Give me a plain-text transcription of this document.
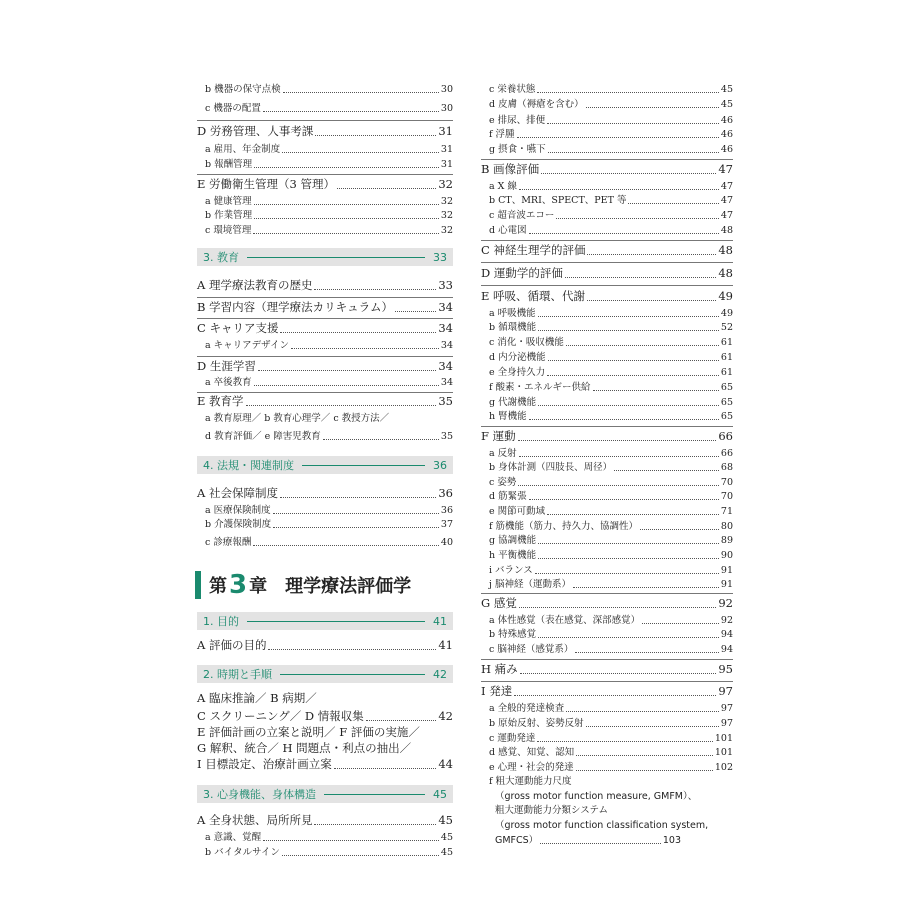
b 機器の保守点検	30
c 機器の配置	30
D 労務管理、人事考課	31
a 雇用、年金制度	31
b 報酬管理	31
E 労働衛生管理（3 管理）	32
a 健康管理	32
b 作業管理	32
c 環境管理	32
3. 教育	33
A 理学療法教育の歴史	33
B 学習内容（理学療法カリキュラム）	34
C キャリア支援	34
a キャリアデザイン	34
D 生涯学習	34
a 卒後教育	34
E 教育学	35
a 教育原理／ b 教育心理学／ c 教授方法／
d 教育評価／ e 障害児教育	35
4. 法規・関連制度	36
A 社会保障制度	36
a 医療保険制度	36
b 介護保険制度	37
c 診療報酬	40
1. 目的	41
A 評価の目的	41
2. 時期と手順	42
A 臨床推論／ B 病期／
C スクリーニング／ D 情報収集	42
E 評価計画の立案と説明／ F 評価の実施／
G 解釈、統合／ H 問題点・利点の抽出／
I 目標設定、治療計画立案	44
3. 心身機能、身体構造	45
A 全身状態、局所所見	45
a 意識、覚醒	45
b バイタルサイン	45
第 3 章 理学療法評価学
c 栄養状態	45
d 皮膚（褥瘡を含む）	45
e 排尿、排便	46
f 浮腫	46
g 摂食・嚥下	46
B 画像評価	47
a X 線	47
b CT、MRI、SPECT、PET 等	47
c 超音波エコー	47
d 心電図	48
C 神経生理学的評価	48
D 運動学的評価	48
E 呼吸、循環、代謝	49
a 呼吸機能	49
b 循環機能	52
c 消化・吸収機能	61
d 内分泌機能	61
e 全身持久力	61
f 酸素・エネルギー供給	65
g 代謝機能	65
h 腎機能	65
F 運動	66
a 反射	66
b 身体計測（四肢長、周径）	68
c 姿勢	70
d 筋緊張	70
e 関節可動域	71
f 筋機能（筋力、持久力、協調性）	80
g 協調機能	89
h 平衡機能	90
i バランス	91
j 脳神経（運動系）	91
G 感覚	92
a 体性感覚（表在感覚、深部感覚）	92
b 特殊感覚	94
c 脳神経（感覚系）	94
H 痛み	95
I 発達	97
a 全般的発達検査	97
b 原始反射、姿勢反射	97
c 運動発達	101
d 感覚、知覚、認知	101
e 心理・社会的発達	102
f 粗大運動能力尺度
（gross motor function measure, GMFM）、
粗大運動能力分類システム
（gross motor function classification system,
GMFCS）	103
